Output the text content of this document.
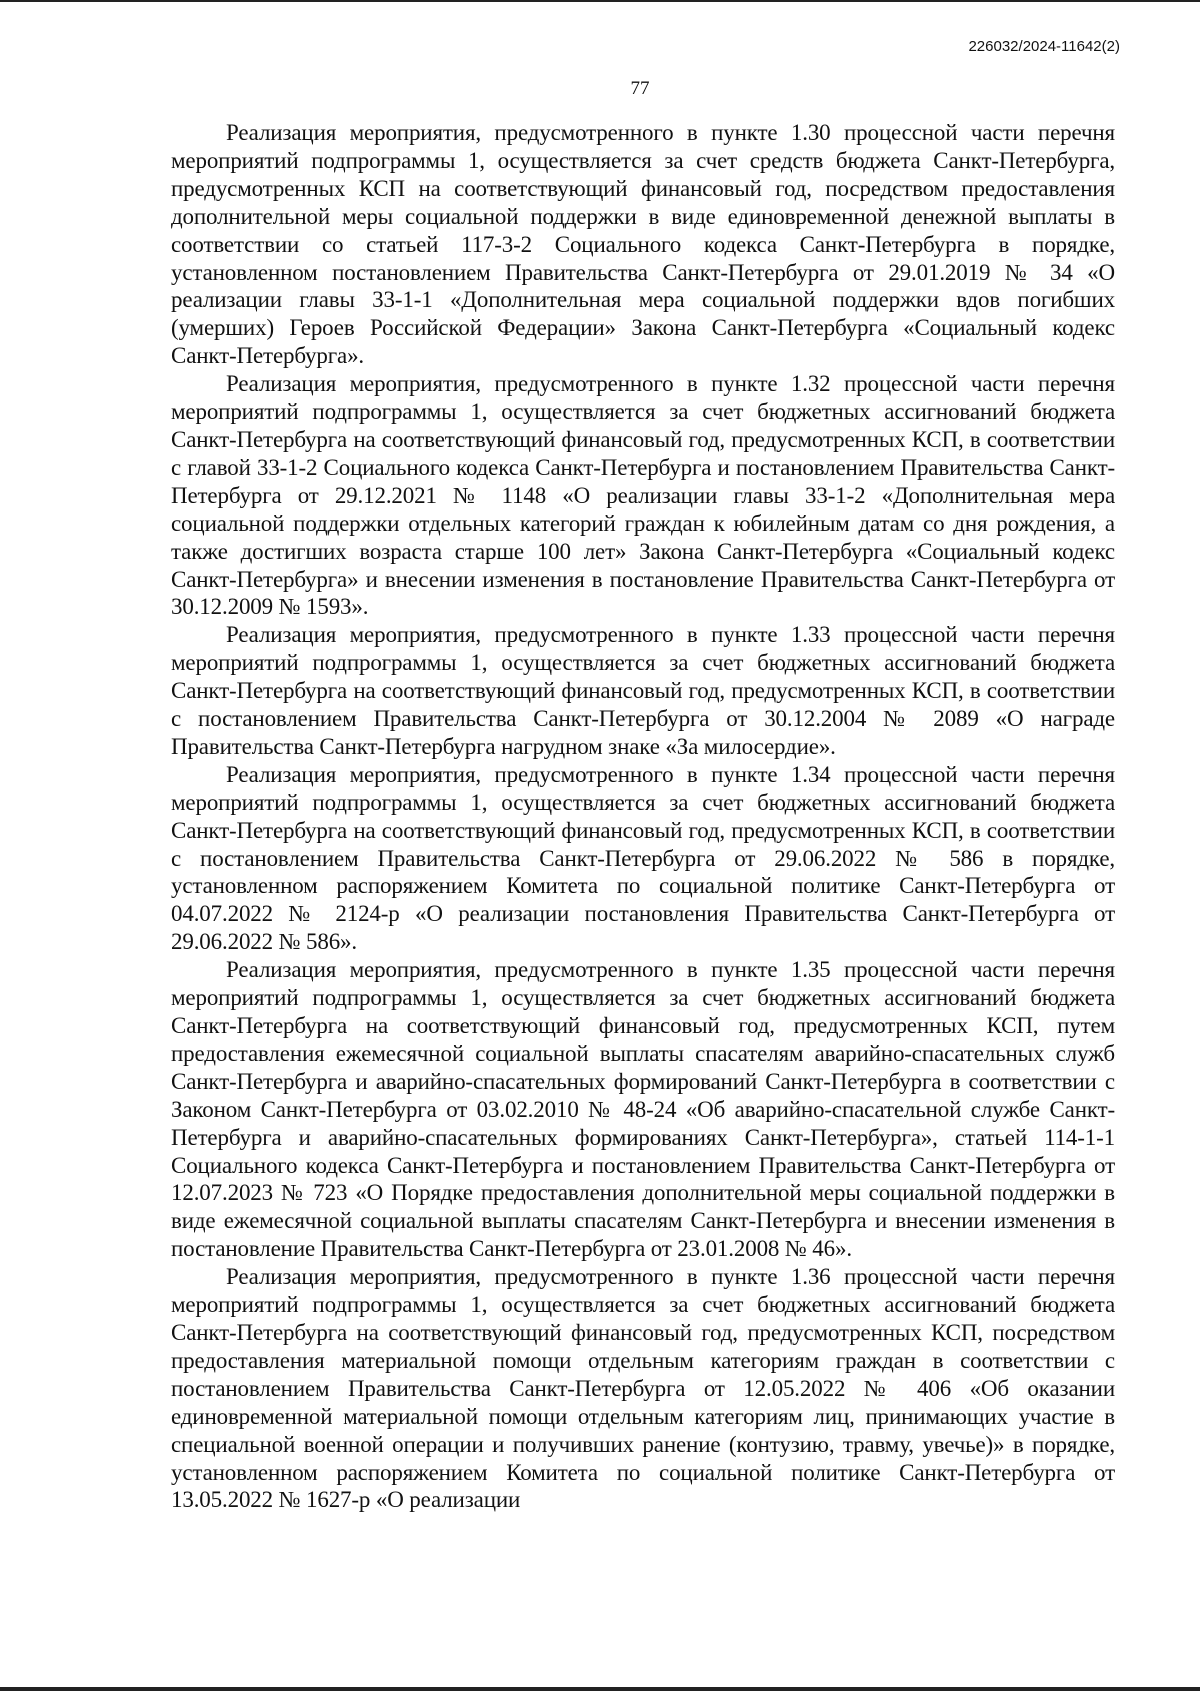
226032/2024-11642(2)
77

Реализация мероприятия, предусмотренного в пункте 1.30 процессной части перечня мероприятий подпрограммы 1, осуществляется за счет средств бюджета Санкт-Петербурга, предусмотренных КСП на соответствующий финансовый год, посредством предоставления дополнительной меры социальной поддержки в виде единовременной денежной выплаты в соответствии со статьей 117-3-2 Социального кодекса Санкт-Петербурга в порядке, установленном постановлением Правительства Санкт-Петербурга от 29.01.2019 № 34 «О реализации главы 33-1-1 «Дополнительная мера социальной поддержки вдов погибших (умерших) Героев Российской Федерации» Закона Санкт-Петербурга «Социальный кодекс Санкт-Петербурга».

Реализация мероприятия, предусмотренного в пункте 1.32 процессной части перечня мероприятий подпрограммы 1, осуществляется за счет бюджетных ассигнований бюджета Санкт-Петербурга на соответствующий финансовый год, предусмотренных КСП, в соответствии с главой 33-1-2 Социального кодекса Санкт-Петербурга и постановлением Правительства Санкт-Петербурга от 29.12.2021 № 1148 «О реализации главы 33-1-2 «Дополнительная мера социальной поддержки отдельных категорий граждан к юбилейным датам со дня рождения, а также достигших возраста старше 100 лет» Закона Санкт-Петербурга «Социальный кодекс Санкт-Петербурга» и внесении изменения в постановление Правительства Санкт-Петербурга от 30.12.2009 № 1593».

Реализация мероприятия, предусмотренного в пункте 1.33 процессной части перечня мероприятий подпрограммы 1, осуществляется за счет бюджетных ассигнований бюджета Санкт-Петербурга на соответствующий финансовый год, предусмотренных КСП, в соответствии с постановлением Правительства Санкт-Петербурга от 30.12.2004 № 2089 «О награде Правительства Санкт-Петербурга нагрудном знаке «За милосердие».

Реализация мероприятия, предусмотренного в пункте 1.34 процессной части перечня мероприятий подпрограммы 1, осуществляется за счет бюджетных ассигнований бюджета Санкт-Петербурга на соответствующий финансовый год, предусмотренных КСП, в соответствии с постановлением Правительства Санкт-Петербурга от 29.06.2022 № 586 в порядке, установленном распоряжением Комитета по социальной политике Санкт-Петербурга от 04.07.2022 № 2124-р «О реализации постановления Правительства Санкт-Петербурга от 29.06.2022 № 586».

Реализация мероприятия, предусмотренного в пункте 1.35 процессной части перечня мероприятий подпрограммы 1, осуществляется за счет бюджетных ассигнований бюджета Санкт-Петербурга на соответствующий финансовый год, предусмотренных КСП, путем предоставления ежемесячной социальной выплаты спасателям аварийно-спасательных служб Санкт-Петербурга и аварийно-спасательных формирований Санкт-Петербурга в соответствии с Законом Санкт-Петербурга от 03.02.2010 № 48-24 «Об аварийно-спасательной службе Санкт-Петербурга и аварийно-спасательных формированиях Санкт-Петербурга», статьей 114-1-1 Социального кодекса Санкт-Петербурга и постановлением Правительства Санкт-Петербурга от 12.07.2023 № 723 «О Порядке предоставления дополнительной меры социальной поддержки в виде ежемесячной социальной выплаты спасателям Санкт-Петербурга и внесении изменения в постановление Правительства Санкт-Петербурга от 23.01.2008 № 46».

Реализация мероприятия, предусмотренного в пункте 1.36 процессной части перечня мероприятий подпрограммы 1, осуществляется за счет бюджетных ассигнований бюджета Санкт-Петербурга на соответствующий финансовый год, предусмотренных КСП, посредством предоставления материальной помощи отдельным категориям граждан в соответствии с постановлением Правительства Санкт-Петербурга от 12.05.2022 № 406 «Об оказании единовременной материальной помощи отдельным категориям лиц, принимающих участие в специальной военной операции и получивших ранение (контузию, травму, увечье)» в порядке, установленном распоряжением Комитета по социальной политике Санкт-Петербурга от 13.05.2022 № 1627-р «О реализации
